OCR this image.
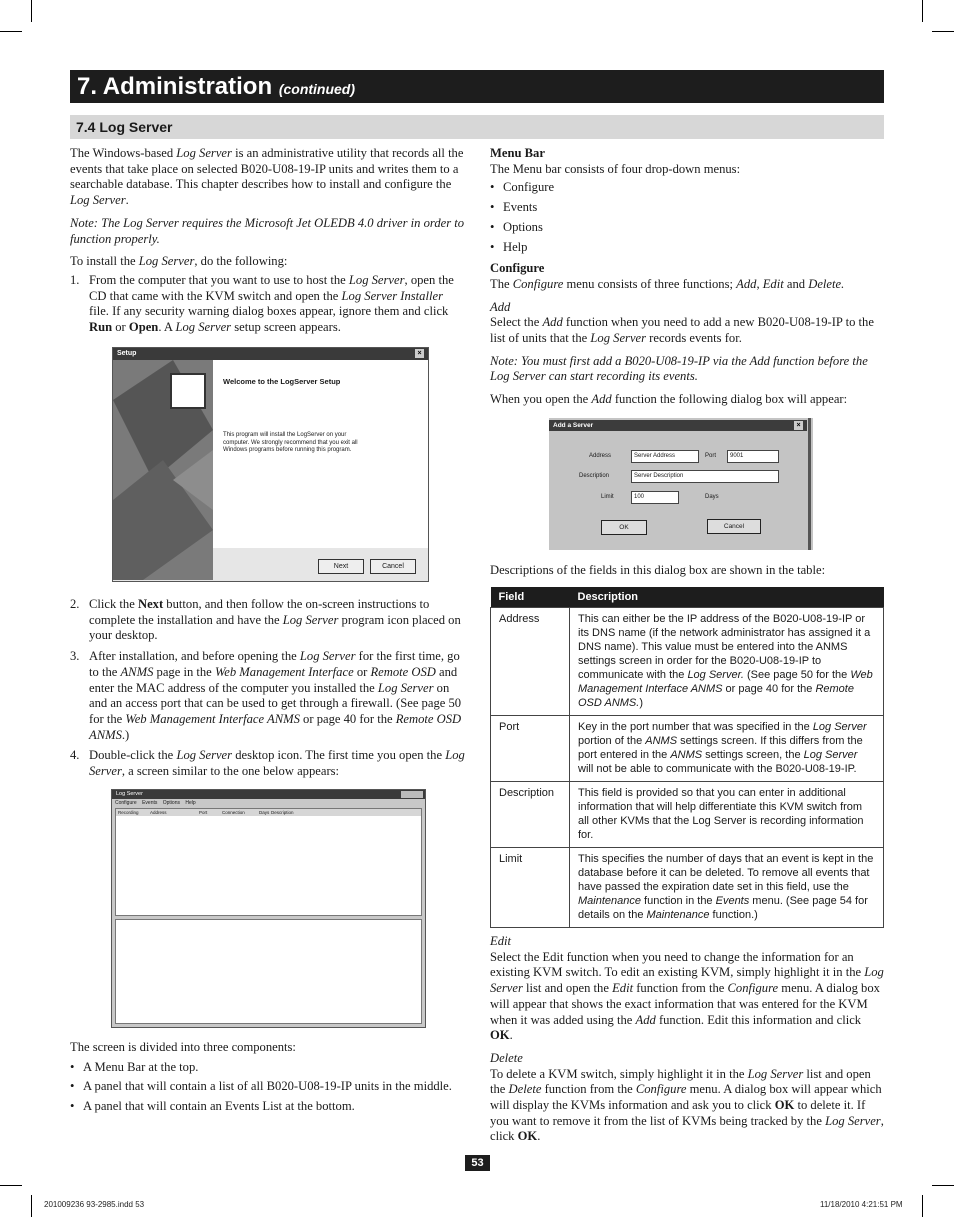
7. Administration (continued)
7.4 Log Server

The Windows-based Log Server is an administrative utility that records all the events that take place on selected B020-U08-19-IP units and writes them to a searchable database. This chapter describes how to install and configure the Log Server.

Note: The Log Server requires the Microsoft Jet OLEDB 4.0 driver in order to function properly.

To install the Log Server, do the following:

1. From the computer that you want to use to host the Log Server, open the CD that came with the KVM switch and open the Log Server Installer file. If any security warning dialog boxes appear, ignore them and click Run or Open. A Log Server setup screen appears.
Setup	×
Welcome to the LogServer Setup
This program will install the LogServer on your computer. We strongly recommend that you exit all Windows programs before running this program.
Next	Cancel
2. Click the Next button, and then follow the on-screen instructions to complete the installation and have the Log Server program icon placed on your desktop.
3. After installation, and before opening the Log Server for the first time, go to the ANMS page in the Web Management Interface or Remote OSD and enter the MAC address of the computer you installed the Log Server on and an access port that can be used to get through a firewall. (See page 50 for the Web Management Interface ANMS or page 40 for the Remote OSD ANMS.)
4. Double-click the Log Server desktop icon. The first time you open the Log Server, a screen similar to the one below appears:
Log Server
Configure Events Options Help
Recording	Address	Port	Connection	Days Description

The screen is divided into three components:

• A Menu Bar at the top.
• A panel that will contain a list of all B020-U08-19-IP units in the middle.
• A panel that will contain an Events List at the bottom.

Menu Bar
The Menu bar consists of four drop-down menus:

• Configure
• Events
• Options
• Help

Configure
The Configure menu consists of three functions; Add, Edit and Delete.

Add
Select the Add function when you need to add a new B020-U08-19-IP to the list of units that the Log Server records events for.

Note: You must first add a B020-U08-19-IP via the Add function before the Log Server can start recording its events.

When you open the Add function the following dialog box will appear:

Add a Server	×
Address	Server Address	Port	9001
Description	Server Description
Limit	100	Days
OK	Cancel

Descriptions of the fields in this dialog box are shown in the table:

Field	Description
Address	This can either be the IP address of the B020-U08-19-IP or its DNS name (if the network administrator has assigned it a DNS name). This value must be entered into the ANMS settings screen in order for the B020-U08-19-IP to communicate with the Log Server. (See page 50 for the Web Management Interface ANMS or page 40 for the Remote OSD ANMS.)
Port	Key in the port number that was specified in the Log Server portion of the ANMS settings screen. If this differs from the port entered in the ANMS settings screen, the Log Server will not be able to communicate with the B020-U08-19-IP.
Description	This field is provided so that you can enter in additional information that will help differentiate this KVM switch from all other KVMs that the Log Server is recording information for.
Limit	This specifies the number of days that an event is kept in the database before it can be deleted. To remove all events that have passed the expiration date set in this field, use the Maintenance function in the Events menu. (See page 54 for details on the Maintenance function.)

Edit
Select the Edit function when you need to change the information for an existing KVM switch. To edit an existing KVM, simply highlight it in the Log Server list and open the Edit function from the Configure menu. A dialog box will appear that shows the exact information that was entered for the KVM when it was added using the Add function. Edit this information and click OK.

Delete
To delete a KVM switch, simply highlight it in the Log Server list and open the Delete function from the Configure menu. A dialog box will appear which will display the KVMs information and ask you to click OK to delete it. If you want to remove it from the list of KVMs being tracked by the Log Server, click OK.

53
201009236 93-2985.indd 53	11/18/2010 4:21:51 PM
